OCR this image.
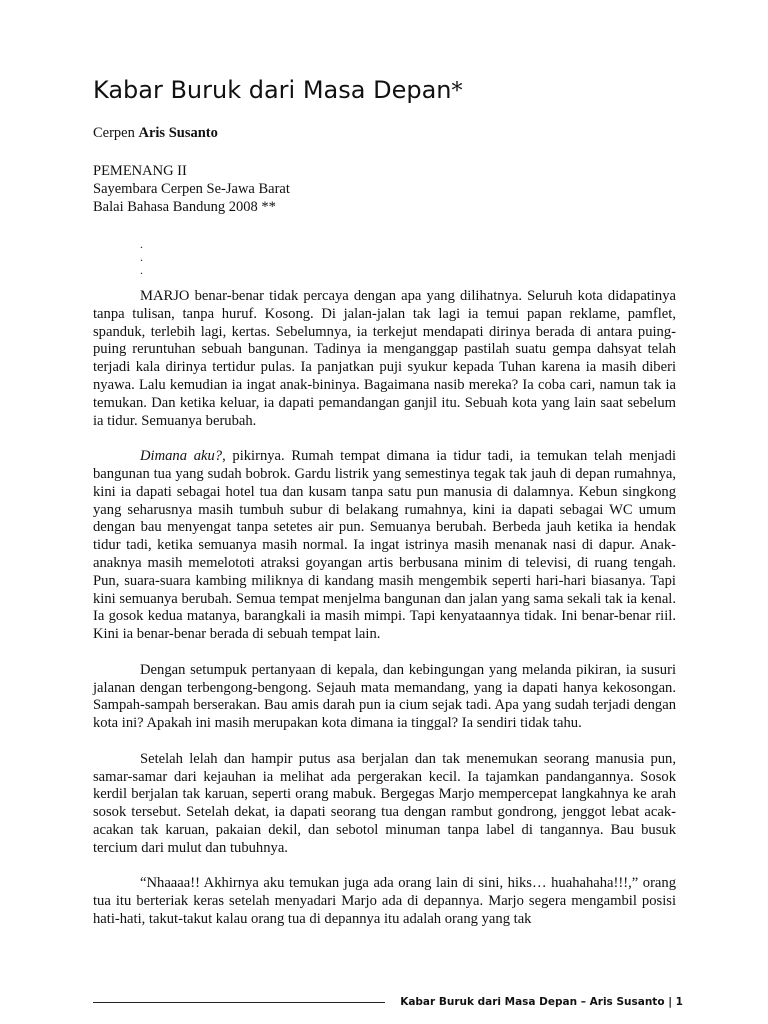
Kabar Buruk dari Masa Depan*
Cerpen Aris Susanto
PEMENANG II
Sayembara Cerpen Se-Jawa Barat
Balai Bahasa Bandung 2008 **
.
.
.

MARJO benar-benar tidak percaya dengan apa yang dilihatnya. Seluruh kota didapatinya tanpa tulisan, tanpa huruf. Kosong. Di jalan-jalan tak lagi ia temui papan reklame, pamflet, spanduk, terlebih lagi, kertas. Sebelumnya, ia terkejut mendapati dirinya berada di antara puing-puing reruntuhan sebuah bangunan. Tadinya ia menganggap pastilah suatu gempa dahsyat telah terjadi kala dirinya tertidur pulas. Ia panjatkan puji syukur kepada Tuhan karena ia masih diberi nyawa. Lalu kemudian ia ingat anak-bininya. Bagaimana nasib mereka? Ia coba cari, namun tak ia temukan. Dan ketika keluar, ia dapati pemandangan ganjil itu. Sebuah kota yang lain saat sebelum ia tidur. Semuanya berubah.

Dimana aku?, pikirnya. Rumah tempat dimana ia tidur tadi, ia temukan telah menjadi bangunan tua yang sudah bobrok. Gardu listrik yang semestinya tegak tak jauh di depan rumahnya, kini ia dapati sebagai hotel tua dan kusam tanpa satu pun manusia di dalamnya. Kebun singkong yang seharusnya masih tumbuh subur di belakang rumahnya, kini ia dapati sebagai WC umum dengan bau menyengat tanpa setetes air pun. Semuanya berubah. Berbeda jauh ketika ia hendak tidur tadi, ketika semuanya masih normal. Ia ingat istrinya masih menanak nasi di dapur. Anak-anaknya masih memelototi atraksi goyangan artis berbusana minim di televisi, di ruang tengah. Pun, suara-suara kambing miliknya di kandang masih mengembik seperti hari-hari biasanya. Tapi kini semuanya berubah. Semua tempat menjelma bangunan dan jalan yang sama sekali tak ia kenal. Ia gosok kedua matanya, barangkali ia masih mimpi. Tapi kenyataannya tidak. Ini benar-benar riil. Kini ia benar-benar berada di sebuah tempat lain.

Dengan setumpuk pertanyaan di kepala, dan kebingungan yang melanda pikiran, ia susuri jalanan dengan terbengong-bengong. Sejauh mata memandang, yang ia dapati hanya kekosongan. Sampah-sampah berserakan. Bau amis darah pun ia cium sejak tadi. Apa yang sudah terjadi dengan kota ini? Apakah ini masih merupakan kota dimana ia tinggal? Ia sendiri tidak tahu.

Setelah lelah dan hampir putus asa berjalan dan tak menemukan seorang manusia pun, samar-samar dari kejauhan ia melihat ada pergerakan kecil. Ia tajamkan pandangannya. Sosok kerdil berjalan tak karuan, seperti orang mabuk. Bergegas Marjo mempercepat langkahnya ke arah sosok tersebut. Setelah dekat, ia dapati seorang tua dengan rambut gondrong, jenggot lebat acak-acakan tak karuan, pakaian dekil, dan sebotol minuman tanpa label di tangannya. Bau busuk tercium dari mulut dan tubuhnya.

“Nhaaaa!! Akhirnya aku temukan juga ada orang lain di sini, hiks… huahahaha!!!,” orang tua itu berteriak keras setelah menyadari Marjo ada di depannya. Marjo segera mengambil posisi hati-hati, takut-takut kalau orang tua di depannya itu adalah orang yang tak

Kabar Buruk dari Masa Depan – Aris Susanto | 1
